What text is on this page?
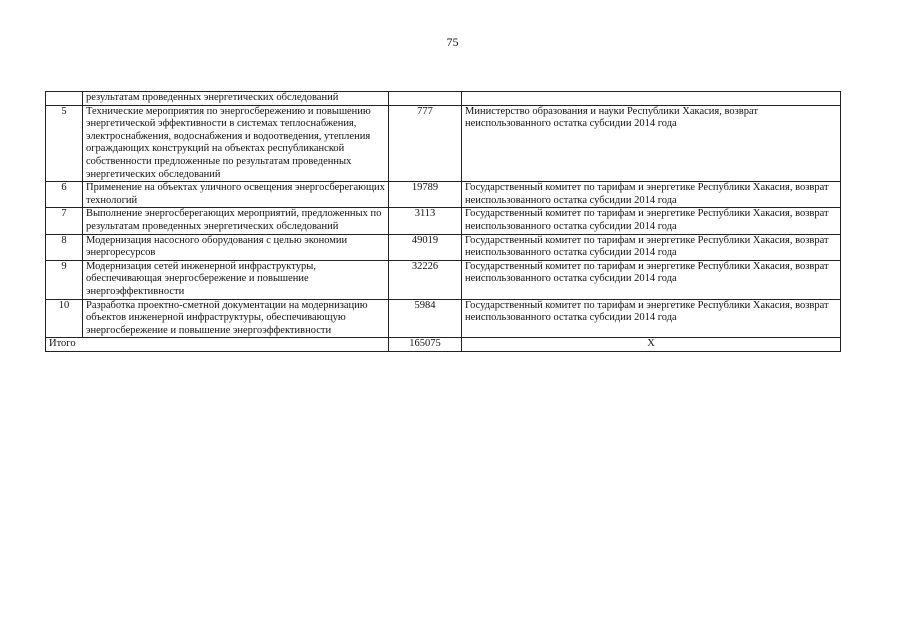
75
	результатам проведенных энергетических обследований		
5	Технические мероприятия по энергосбережению и повышению энергетической эффективности в системах теплоснабжения, электроснабжения, водоснабжения и водоотведения, утепления ограждающих конструкций на объектах республиканской собственности предложенные по результатам проведенных энергетических обследований	777	Министерство образования и науки Республики Хакасия, возврат неиспользованного остатка субсидии 2014 года
6	Применение на объектах уличного освещения энергосберегающих технологий	19789	Государственный комитет по тарифам и энергетике Республики Хакасия, возврат неиспользованного остатка субсидии 2014 года
7	Выполнение энергосберегающих мероприятий, предложенных по результатам проведенных энергетических обследований	3113	Государственный комитет по тарифам и энергетике Республики Хакасия, возврат неиспользованного остатка субсидии 2014 года
8	Модернизация насосного оборудования с целью экономии энергоресурсов	49019	Государственный комитет по тарифам и энергетике Республики Хакасия, возврат неиспользованного остатка субсидии 2014 года
9	Модернизация сетей инженерной инфраструктуры, обеспечивающая энергосбережение и повышение энергоэффективности	32226	Государственный комитет по тарифам и энергетике Республики Хакасия, возврат неиспользованного остатка субсидии 2014 года
10	Разработка проектно-сметной документации на модернизацию объектов инженерной инфраструктуры, обеспечивающую энергосбережение и повышение энергоэффективности	5984	Государственный комитет по тарифам и энергетике Республики Хакасия, возврат неиспользованного остатка субсидии 2014 года
Итого		165075	Х
